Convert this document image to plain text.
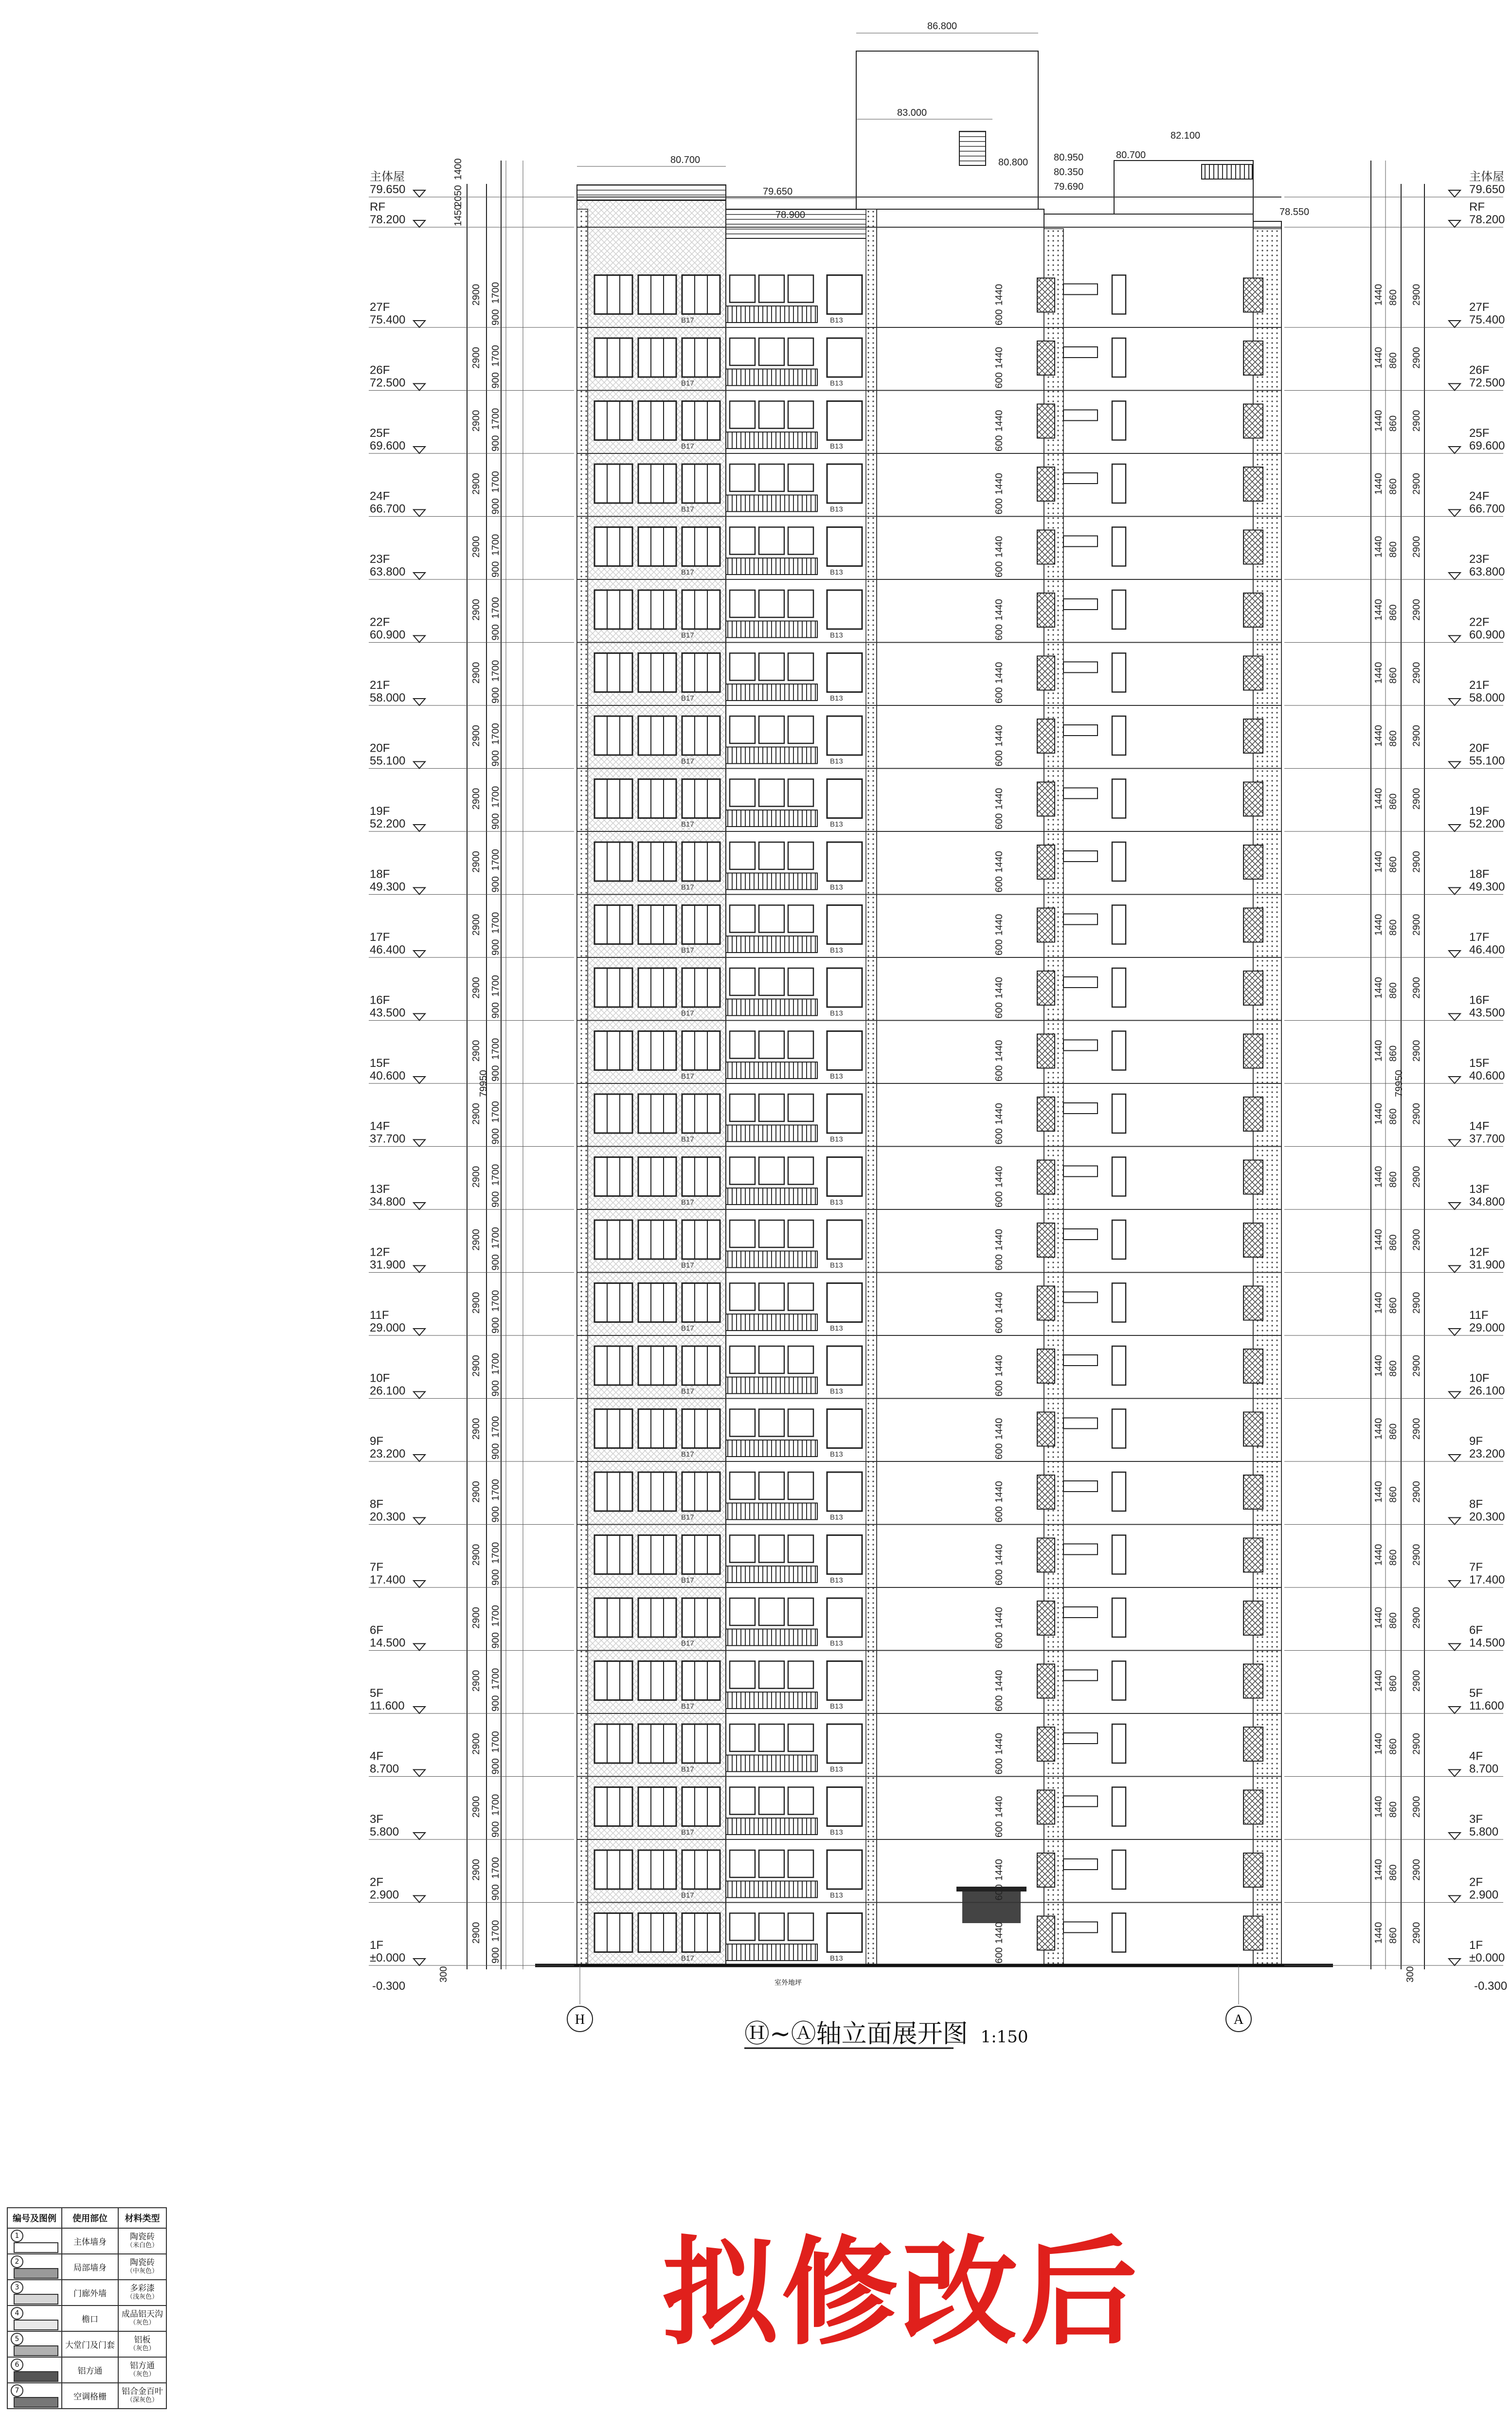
B17	B13
B17	B13
B17	B13
B17	B13
B17	B13
B17	B13
B17	B13
B17	B13
B17	B13
B17	B13
B17	B13
B17	B13
B17	B13
B17	B13
B17	B13
B17	B13
B17	B13
B17	B13
B17	B13
B17	B13
B17	B13
B17	B13
B17	B13
B17	B13
B17	B13
B17	B13
B17	B13
室外地坪
1F
±0.000
2F
2.900
3F
5.800
4F
8.700
5F
11.600
6F
14.500
7F
17.400
8F
20.300
9F
23.200
10F
26.100
11F
29.000
12F
31.900
13F
34.800
14F
37.700
15F
40.600
16F
43.500
17F
46.400
18F
49.300
19F
52.200
20F
55.100
21F
58.000
22F
60.900
23F
63.800
24F
66.700
25F
69.600
26F
72.500
27F
75.400
RF
78.200
主体屋
79.650
1F
±0.000
2F
2.900
3F
5.800
4F
8.700
5F
11.600
6F
14.500
7F
17.400
8F
20.300
9F
23.200
10F
26.100
11F
29.000
12F
31.900
13F
34.800
14F
37.700
15F
40.600
16F
43.500
17F
46.400
18F
49.300
19F
52.200
20F
55.100
21F
58.000
22F
60.900
23F
63.800
24F
66.700
25F
69.600
26F
72.500
27F
75.400
RF
78.200
主体屋
79.650
2900 1700
900
1440 860 2900
1440
600
2900 1700
900
1440 860 2900
1440
600
2900 1700
900
1440 860 2900
1440
600
2900 1700
900
1440 860 2900
1440
600
2900 1700
900
1440 860 2900
1440
600
2900 1700
900
1440 860 2900
1440
600
2900 1700
900
1440 860 2900
1440
600
2900 1700
900
1440 860 2900
1440
600
2900 1700
900
1440 860 2900
1440
600
2900 1700
900
1440 860 2900
1440
600
2900 1700
900
1440 860 2900
1440
600
2900 1700
900
1440 860 2900
1440
600
2900 1700
900
1440 860 2900
1440
600
2900 1700
900
1440 860 2900
1440
600
2900 1700
900
1440 860 2900
1440
600
2900 1700
900
1440 860 2900
1440
600
2900 1700
900
1440 860 2900
1440
600
2900 1700
900
1440 860 2900
1440
600
2900 1700
900
1440 860 2900
1440
600
2900 1700
900
1440 860 2900
1440
600
2900 1700
900
1440 860 2900
1440
600
2900 1700
900
1440 860 2900
1440
600
2900 1700
900
1440 860 2900
1440
600
2900 1700
900
1440 860 2900
1440
600
2900 1700
900
1440 860 2900
1440
600
2900 1700
900
1440 860 2900
1440
600
2900 1700
900
1440 860 2900
1440
600
-0.300	-0.300
300	300
79950	79950
1450
2050
1400
86.800
83.000
80.700
79.650
78.900
80.800	80.950
80.350
79.690
80.700
82.100
78.550
H	A
Ⓗ~Ⓐ轴立面展开图 1:150
拟修改后
编号及图例	使用部位	材料类型
1	主体墙身	陶瓷砖
（米白色）

2	局部墙身	陶瓷砖
（中灰色）

3	门廊外墙	多彩漆
（浅灰色）

4	檐口	成品铝天沟
（灰色）

5	大堂门及门套	铝板
（灰色）

6	铝方通	铝方通
（灰色）

7	空调格栅	铝合金百叶
（深灰色）
